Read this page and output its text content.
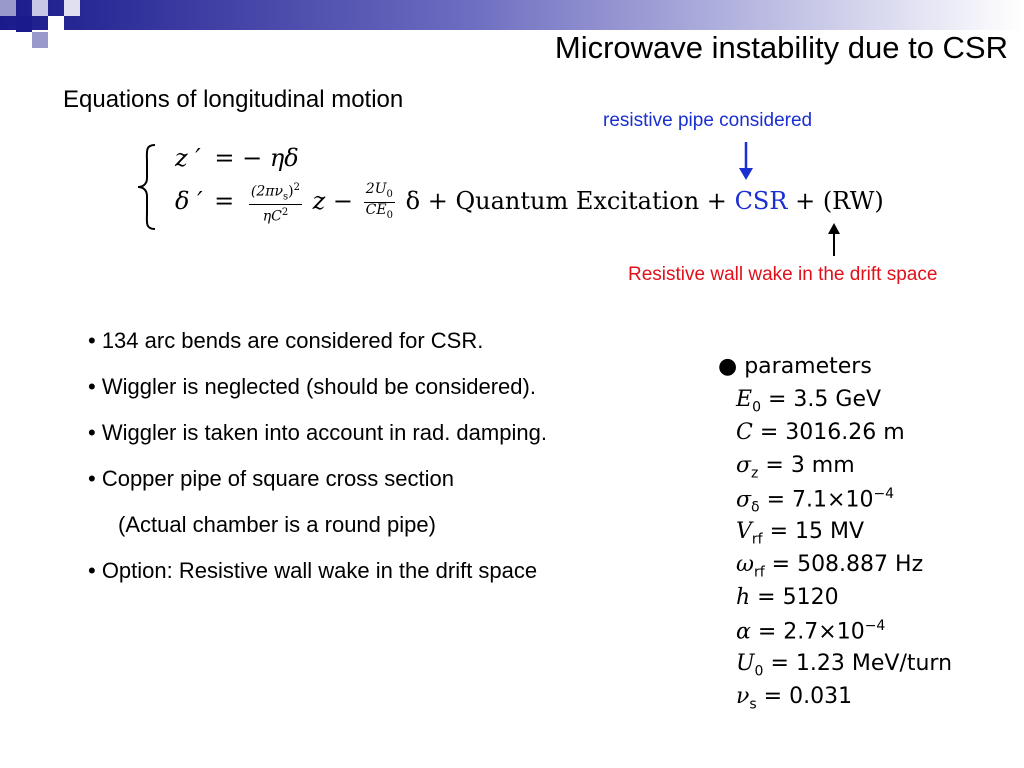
Microwave instability due to CSR
Equations of longitudinal motion
resistive pipe considered
z ′ = − ηδ
δ ′ = $\frac{(2\pi\nu_s)^2}{\eta C^2}$ $z - \frac{2U_0}{CE_0}$ δ + Quantum Excitation + CSR + (RW)
Resistive wall wake in the drift space
• 134 arc bends are considered for CSR.
• Wiggler is neglected (should be considered).
• Wiggler is taken into account in rad. damping.
• Copper pipe of square cross section
(Actual chamber is a round pipe)
• Option: Resistive wall wake in the drift space
● parameters
$E_0 = 3.5$ GeV
C = 3016.26 m
$\sigma_z = 3$ mm
$\sigma_\delta = 7.1\times 10^{-4}$
$V_{rf} = 15$ MV
$\omega_{rf} = 508.887$ Hz
h = 5120
$\alpha = 2.7\times 10^{-4}$
$U_0 = 1.23$ MeV/turn
$\nu_s = 0.031$
